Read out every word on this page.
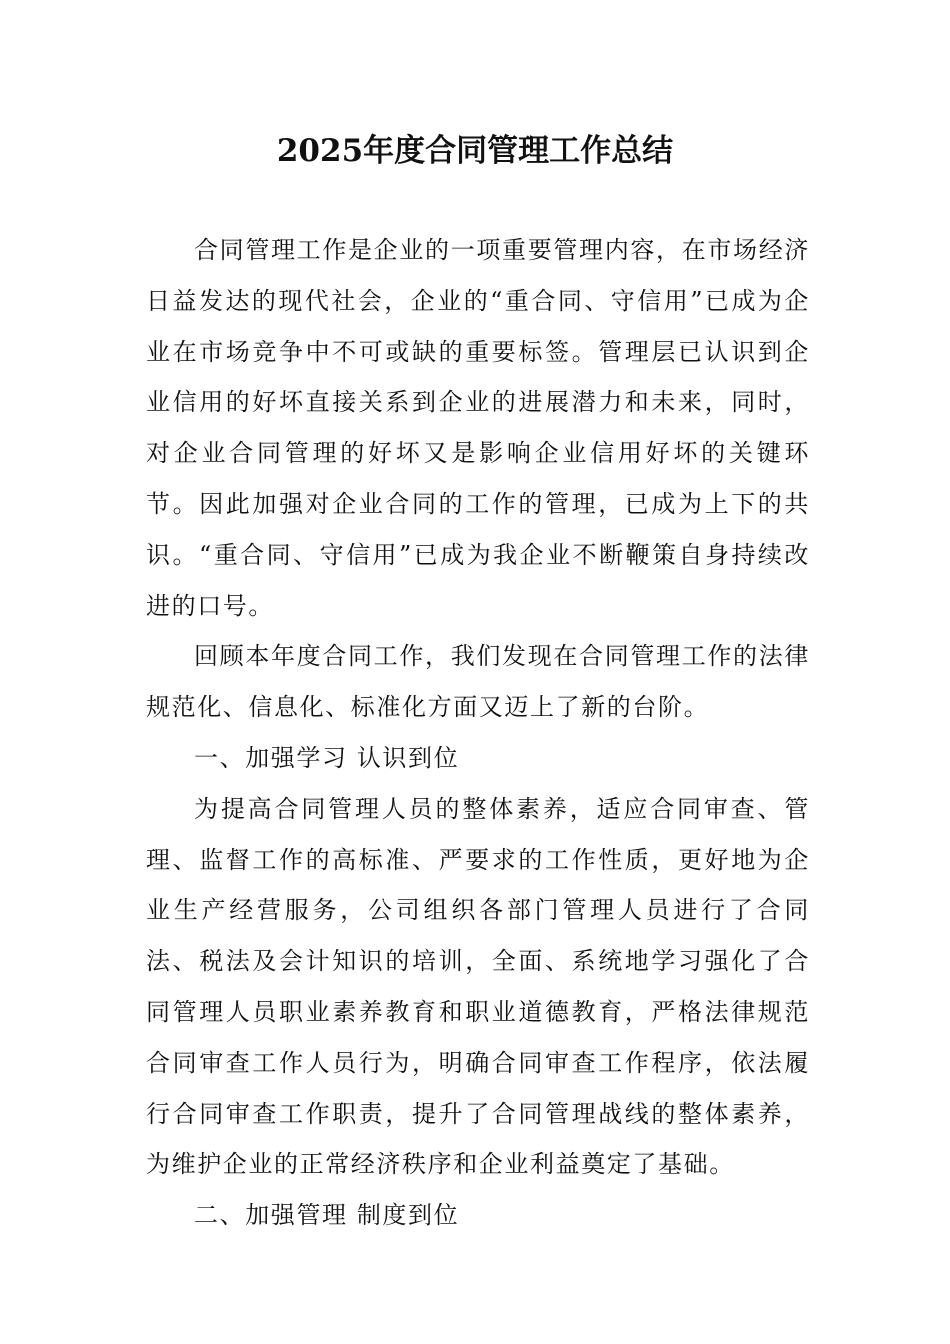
2025年度合同管理工作总结

合同管理工作是企业的一项重要管理内容，在市场经济日益发达的现代社会，企业的“重合同、守信用”已成为企业在市场竞争中不可或缺的重要标签。管理层已认识到企业信用的好坏直接关系到企业的进展潜力和未来，同时，对企业合同管理的好坏又是影响企业信用好坏的关键环节。因此加强对企业合同的工作的管理，已成为上下的共识。“重合同、守信用”已成为我企业不断鞭策自身持续改进的口号。

回顾本年度合同工作，我们发现在合同管理工作的法律规范化、信息化、标准化方面又迈上了新的台阶。

一、加强学习 认识到位

为提高合同管理人员的整体素养，适应合同审查、管理、监督工作的高标准、严要求的工作性质，更好地为企业生产经营服务，公司组织各部门管理人员进行了合同法、税法及会计知识的培训，全面、系统地学习强化了合同管理人员职业素养教育和职业道德教育，严格法律规范合同审查工作人员行为，明确合同审查工作程序，依法履行合同审查工作职责，提升了合同管理战线的整体素养，为维护企业的正常经济秩序和企业利益奠定了基础。

二、加强管理 制度到位
